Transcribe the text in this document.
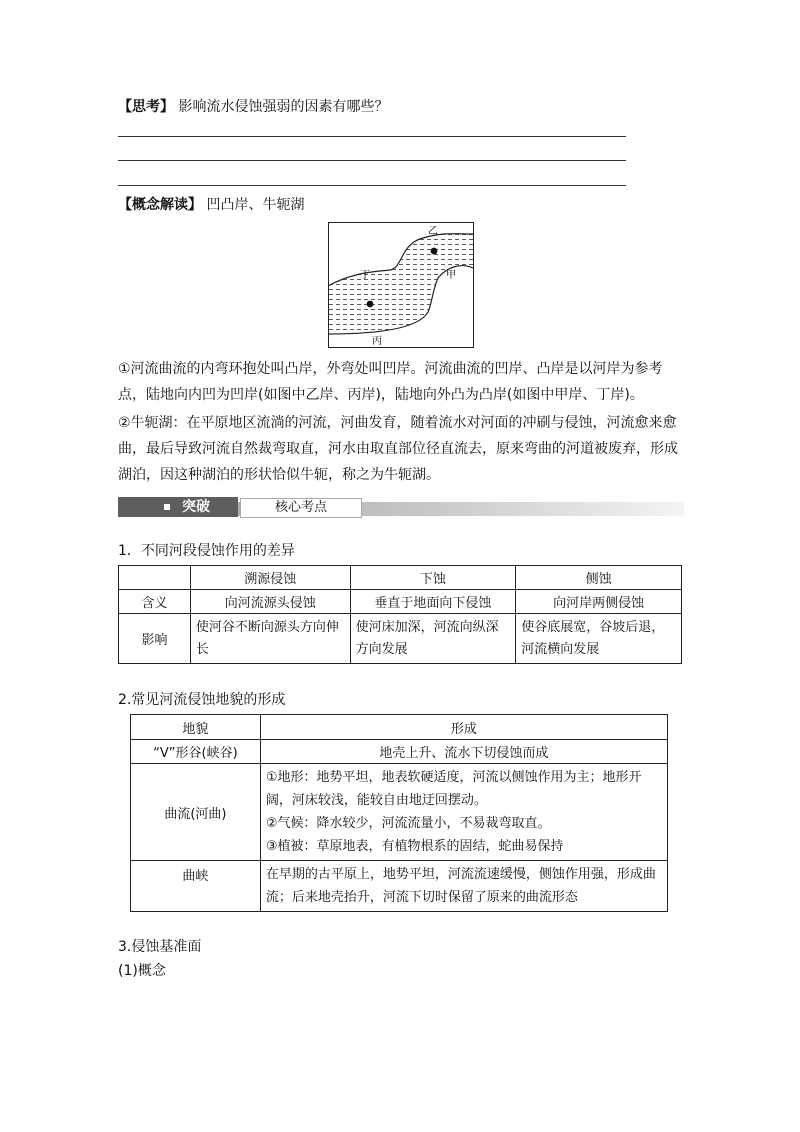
【思考】 影响流水侵蚀强弱的因素有哪些？
【概念解读】 凹凸岸、牛轭湖
乙
丁	甲
丙
①河流曲流的内弯环抱处叫凸岸，外弯处叫凹岸。河流曲流的凹岸、凸岸是以河岸为参考点，陆地向内凹为凹岸(如图中乙岸、丙岸)，陆地向外凸为凸岸(如图中甲岸、丁岸)。
②牛轭湖：在平原地区流淌的河流，河曲发育，随着流水对河面的冲刷与侵蚀，河流愈来愈曲，最后导致河流自然裁弯取直，河水由取直部位径直流去，原来弯曲的河道被废弃，形成湖泊，因这种湖泊的形状恰似牛轭，称之为牛轭湖。
突破	核心考点
1．不同河段侵蚀作用的差异
	溯源侵蚀	下蚀	侧蚀
含义	向河流源头侵蚀	垂直于地面向下侵蚀	向河岸两侧侵蚀
影响	使河谷不断向源头方向伸长	使河床加深，河流向纵深方向发展	使谷底展宽，谷坡后退，河流横向发展
2.常见河流侵蚀地貌的形成
地貌	形成
“V”形谷(峡谷)	地壳上升、流水下切侵蚀而成
曲流(河曲)	①地形：地势平坦，地表软硬适度，河流以侧蚀作用为主；地形开阔，河床较浅，能较自由地迂回摆动。
②气候：降水较少，河流流量小，不易裁弯取直。
③植被：草原地表，有植物根系的固结，蛇曲易保持

曲峡	在早期的古平原上，地势平坦，河流流速缓慢，侧蚀作用强，形成曲流；后来地壳抬升，河流下切时保留了原来的曲流形态
3.侵蚀基准面
(1)概念
